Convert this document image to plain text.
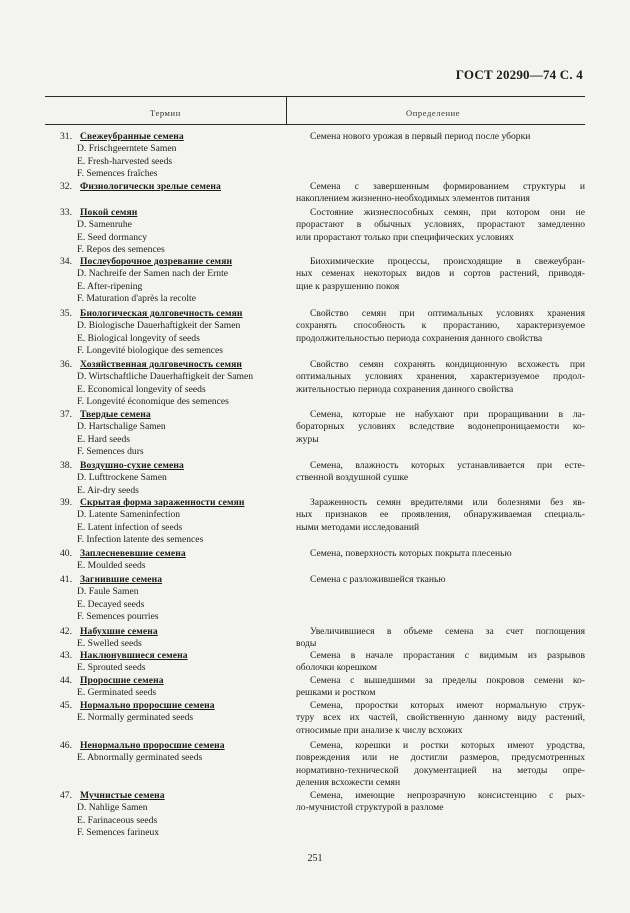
ГОСТ 20290—74 С. 4
Термин	Определение
31. Свежеубранные семена
D. Frischgeerntete Samen
E. Fresh-harvested seeds
F. Semences fraîches
Семена нового урожая в первый период после уборки
32. Физиологически зрелые семена	Семена с завершенным формированием структуры и
накоплением жизненно-необходимых элементов питания
33. Покой семян
D. Samenruhe
E. Seed dormancy
F. Repos des semences
Состояние жизнеспособных семян, при котором они не
прорастают в обычных условиях, прорастают замедленно
или прорастают только при специфических условиях
34. Послеуборочное дозревание семян
D. Nachreife der Samen nach der Ernte
E. After-ripening
F. Maturation d'après la recolte
Биохимические процессы, происходящие в свежеубран-
ных семенах некоторых видов и сортов растений, приводя-
щие к разрушению покоя
35. Биологическая долговечность семян
D. Biologische Dauerhaftigkeit der Samen
E. Biological longevity of seeds
F. Longevité biologique des semences
Свойство семян при оптимальных условиях хранения
сохранять способность к прорастанию, характеризуемое
продолжительностью периода сохранения данного свойства
36. Хозяйственная долговечность семян
D. Wirtschaftliche Dauerhaftigkeit der Samen
E. Economical longevity of seeds
F. Longevité économique des semences
Свойство семян сохранять кондиционную всхожесть при
оптимальных условиях хранения, характеризуемое продол-
жительностью периода сохранения данного свойства
37. Твердые семена
D. Hartschalige Samen
E. Hard seeds
F. Semences durs
Семена, которые не набухают при проращивании в ла-
бораторных условиях вследствие водонепроницаемости ко-
журы
38. Воздушно-сухие семена
D. Lufttrockene Samen
E. Air-dry seeds
Семена, влажность которых устанавливается при есте-
ственной воздушной сушке
39. Скрытая форма зараженности семян
D. Latente Sameninfection
E. Latent infection of seeds
F. Infection latente des semences
Зараженность семян вредителями или болезнями без яв-
ных признаков ее проявления, обнаруживаемая специаль-
ными методами исследований
40. Заплесневевшие семена
E. Moulded seeds
Семена, поверхность которых покрыта плесенью
41. Загнившие семена
D. Faule Samen
E. Decayed seeds
F. Semences pourries
Семена с разложившейся тканью
42. Набухшие семена
E. Swelled seeds
Увеличившиеся в объеме семена за счет поглощения
воды
43. Наклюнувшиеся семена
E. Sprouted seeds
Семена в начале прорастания с видимым из разрывов
оболочки корешком
44. Проросшие семена
E. Germinated seeds
Семена с вышедшими за пределы покровов семени ко-
решками и ростком
45. Нормально проросшие семена
E. Normally germinated seeds
Семена, проростки которых имеют нормальную струк-
туру всех их частей, свойственную данному виду растений,
относимые при анализе к числу всхожих
46. Ненормально проросшие семена
E. Abnormally germinated seeds
Семена, корешки и ростки которых имеют уродства,
повреждения или не достигли размеров, предусмотренных
нормативно-технической документацией на методы опре-
деления всхожести семян
47. Мучнистые семена
D. Nahlige Samen
E. Farinaceous seeds
F. Semences farineux
Семена, имеющие непрозрачную консистенцию с рых-
ло-мучнистой структурой в разломе
251
